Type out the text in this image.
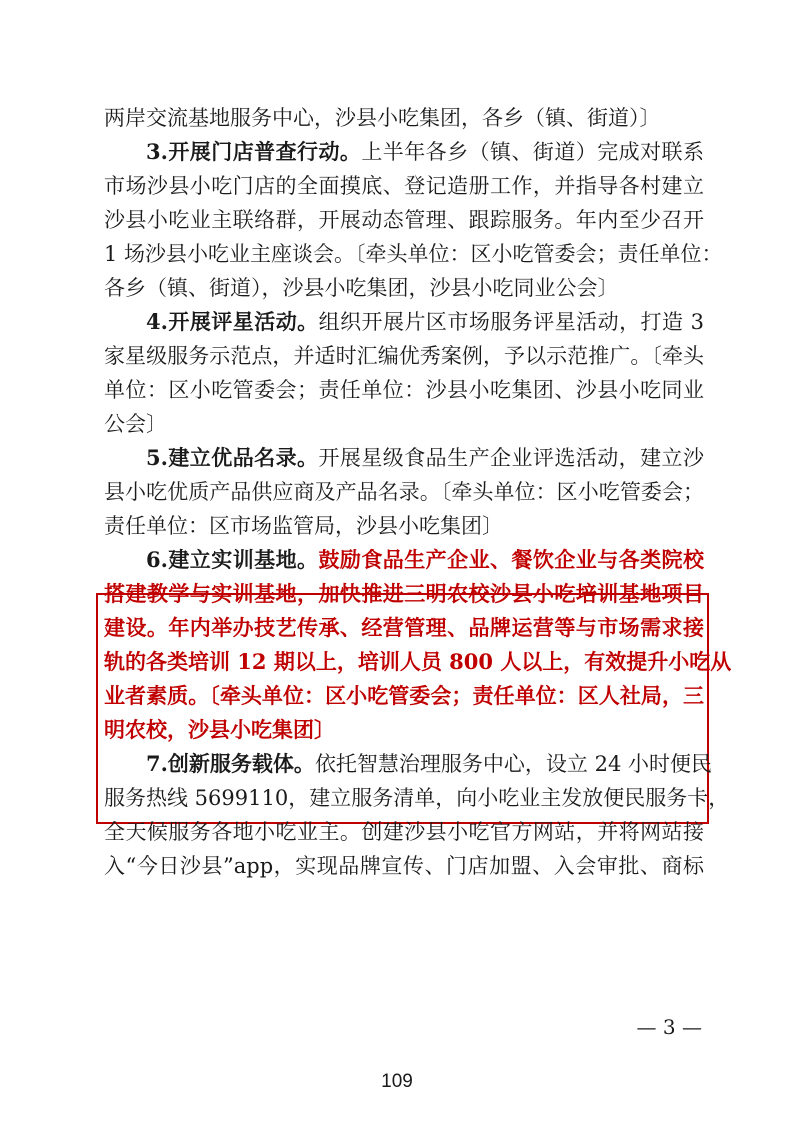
两岸交流基地服务中心，沙县小吃集团，各乡（镇、街道）〕
3.开展门店普查行动。上半年各乡（镇、街道）完成对联系
市场沙县小吃门店的全面摸底、登记造册工作，并指导各村建立
沙县小吃业主联络群，开展动态管理、跟踪服务。年内至少召开
1 场沙县小吃业主座谈会。〔牵头单位：区小吃管委会；责任单位：
各乡（镇、街道），沙县小吃集团，沙县小吃同业公会〕
4.开展评星活动。组织开展片区市场服务评星活动，打造 3
家星级服务示范点，并适时汇编优秀案例，予以示范推广。〔牵头
单位：区小吃管委会；责任单位：沙县小吃集团、沙县小吃同业
公会〕
5.建立优品名录。开展星级食品生产企业评选活动，建立沙
县小吃优质产品供应商及产品名录。〔牵头单位：区小吃管委会；
责任单位：区市场监管局，沙县小吃集团〕
6.建立实训基地。鼓励食品生产企业、餐饮企业与各类院校
搭建教学与实训基地，加快推进三明农校沙县小吃培训基地项目
建设。年内举办技艺传承、经营管理、品牌运营等与市场需求接
轨的各类培训 12 期以上，培训人员 800 人以上，有效提升小吃从
业者素质。〔牵头单位：区小吃管委会；责任单位：区人社局，三
明农校，沙县小吃集团〕
7.创新服务载体。依托智慧治理服务中心，设立 24 小时便民
服务热线 5699110，建立服务清单，向小吃业主发放便民服务卡，
全天候服务各地小吃业主。创建沙县小吃官方网站，并将网站接
入“今日沙县”app，实现品牌宣传、门店加盟、入会审批、商标
— 3 —
109
